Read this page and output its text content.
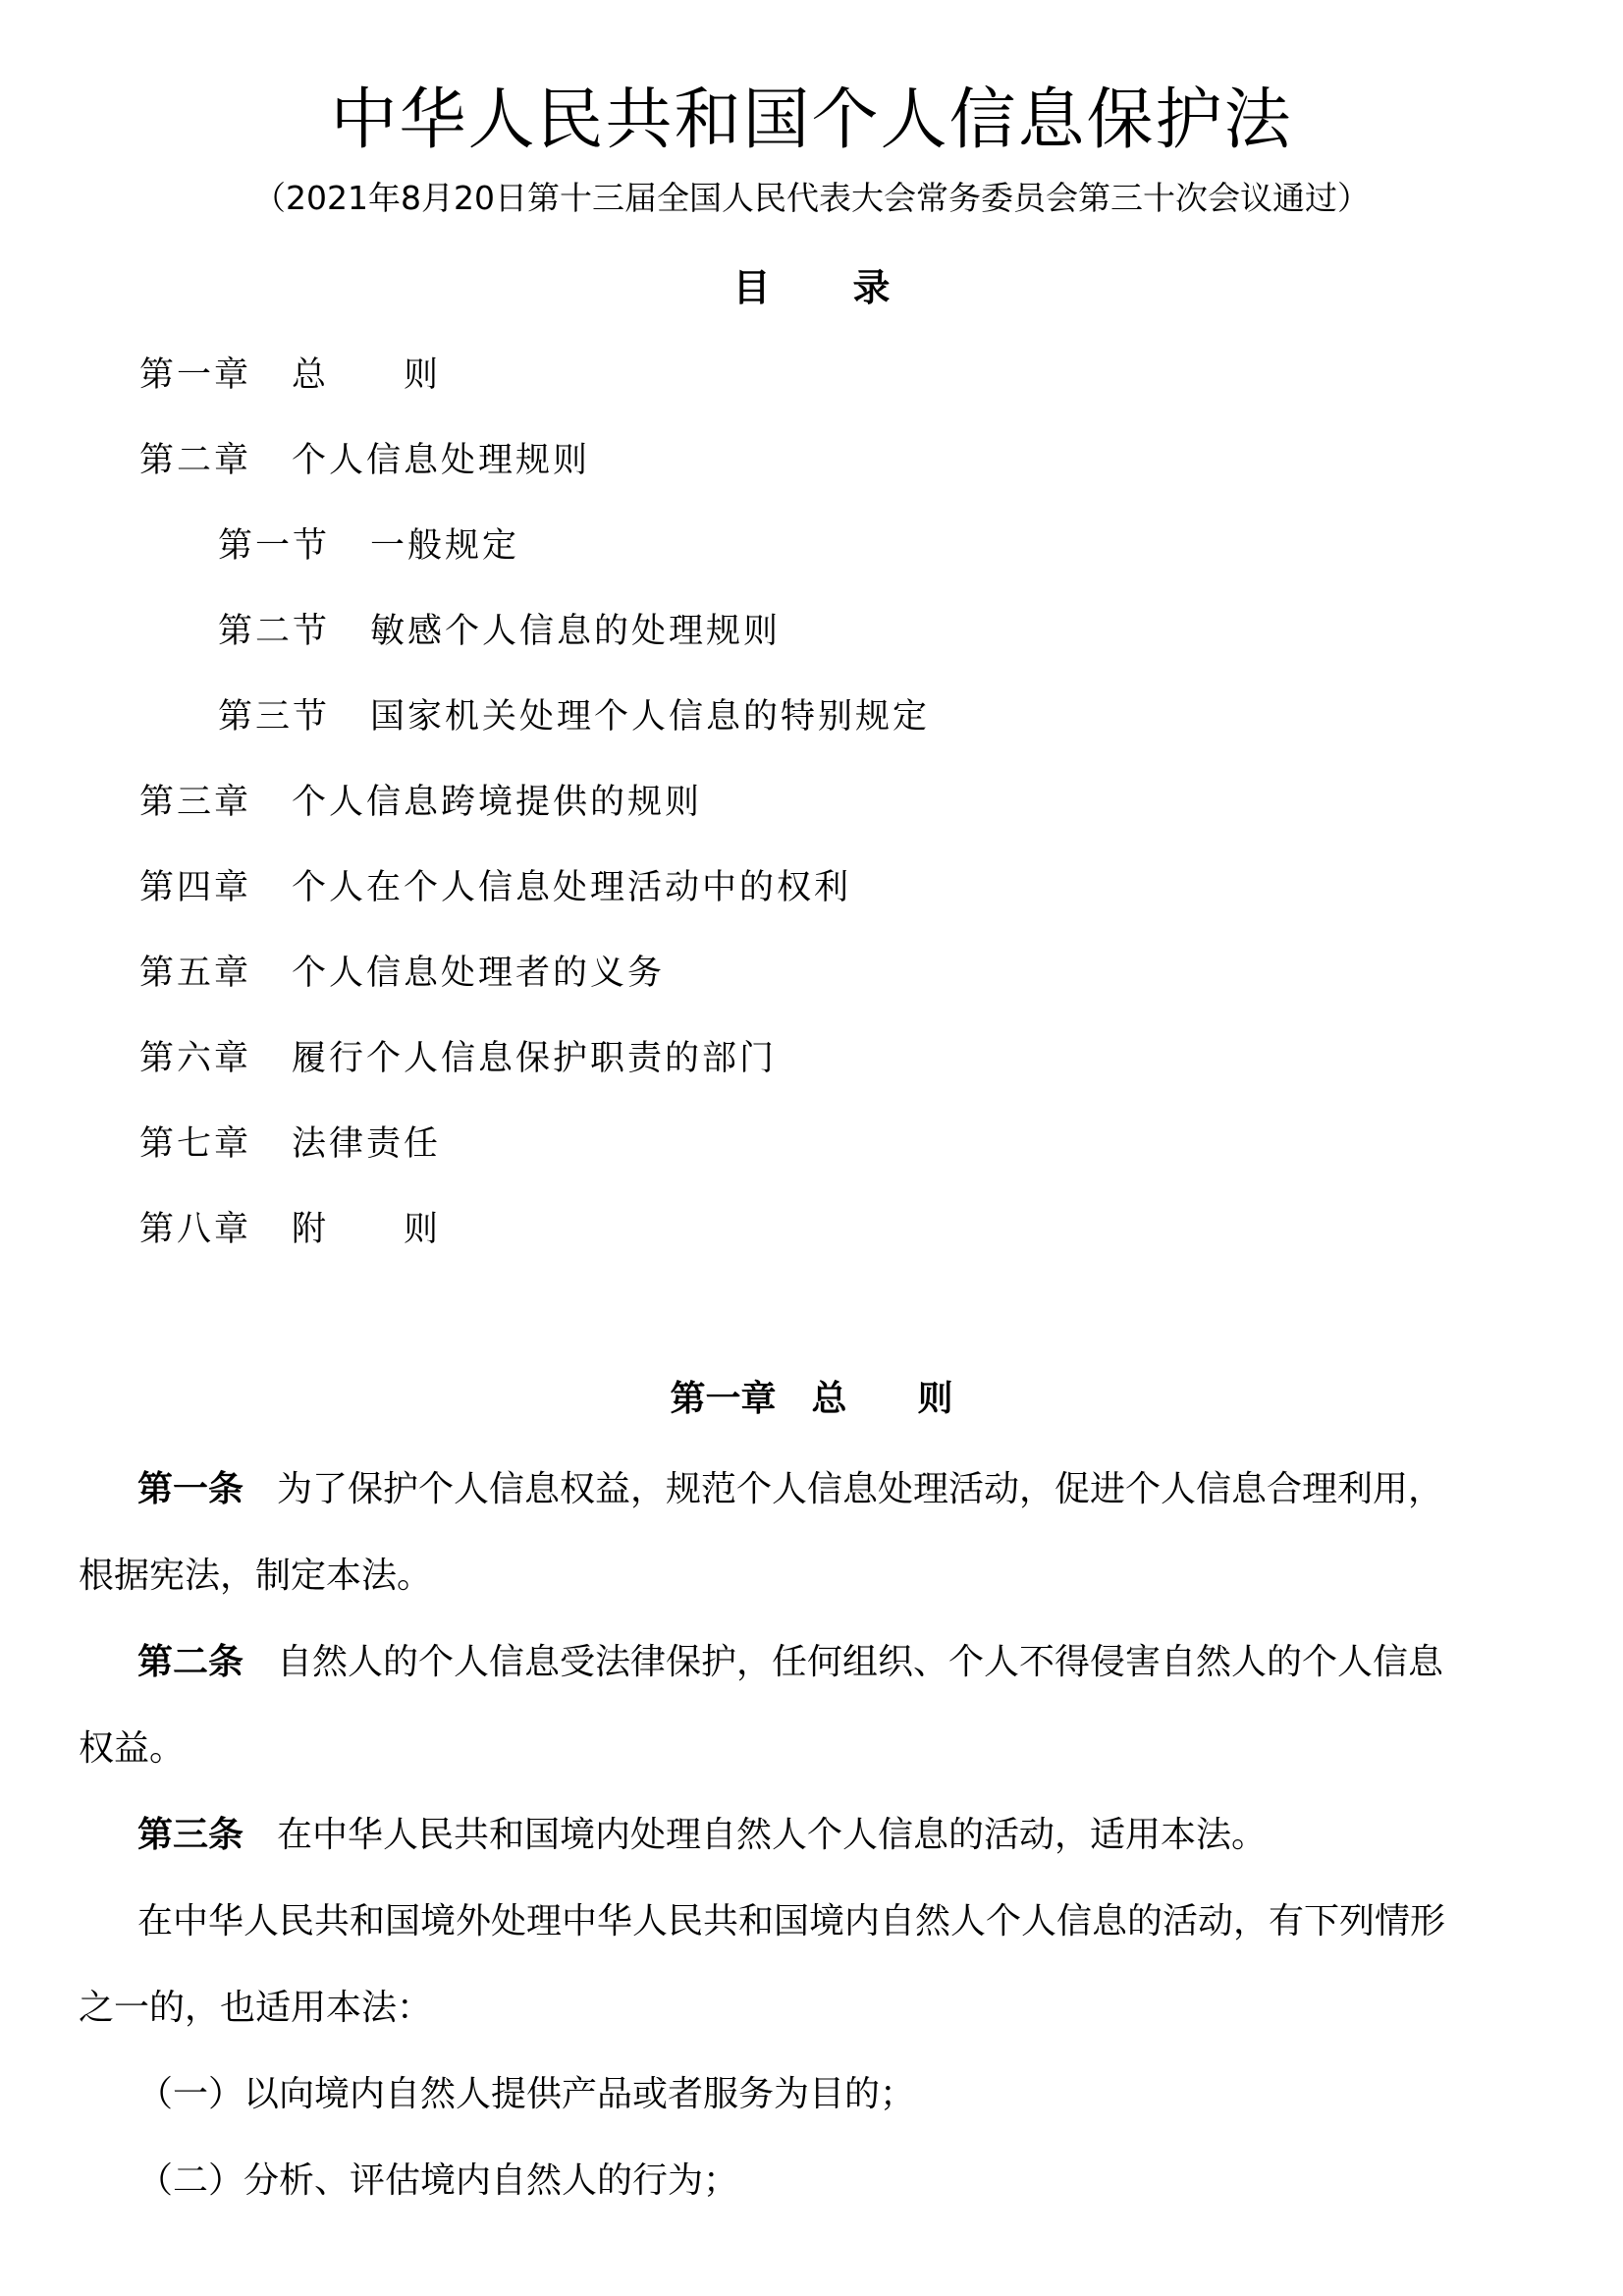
中华人民共和国个人信息保护法
（2021年8月20日第十三届全国人民代表大会常务委员会第三十次会议通过）
目 录
第一章 总　　则
第二章 个人信息处理规则
第一节 一般规定
第二节 敏感个人信息的处理规则
第三节 国家机关处理个人信息的特别规定
第三章 个人信息跨境提供的规则
第四章 个人在个人信息处理活动中的权利
第五章 个人信息处理者的义务
第六章 履行个人信息保护职责的部门
第七章 法律责任
第八章 附　　则
第一章　总　　则
第一条 为了保护个人信息权益，规范个人信息处理活动，促进个人信息合理利用，
根据宪法，制定本法。
第二条 自然人的个人信息受法律保护，任何组织、个人不得侵害自然人的个人信息
权益。
第三条 在中华人民共和国境内处理自然人个人信息的活动，适用本法。
在中华人民共和国境外处理中华人民共和国境内自然人个人信息的活动，有下列情形
之一的，也适用本法：
（一）以向境内自然人提供产品或者服务为目的；
（二）分析、评估境内自然人的行为；
